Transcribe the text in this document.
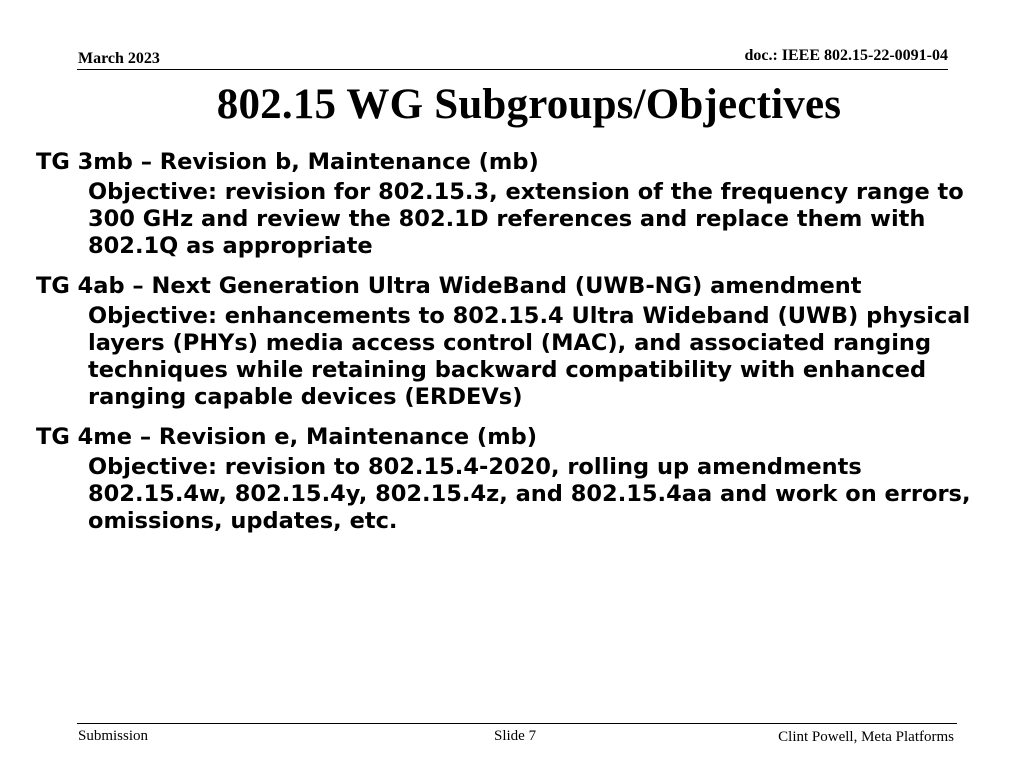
March 2023	doc.: IEEE 802.15-22-0091-04
802.15 WG Subgroups/Objectives
TG 3mb – Revision b, Maintenance (mb)
Objective: revision for 802.15.3, extension of the frequency range to 300 GHz and review the 802.1D references and replace them with 802.1Q as appropriate
TG 4ab – Next Generation Ultra WideBand (UWB-NG) amendment
Objective: enhancements to 802.15.4 Ultra Wideband (UWB) physical layers (PHYs) media access control (MAC), and associated ranging techniques while retaining backward compatibility with enhanced ranging capable devices (ERDEVs)
TG 4me – Revision e, Maintenance (mb)
Objective: revision to 802.15.4-2020, rolling up amendments 802.15.4w, 802.15.4y, 802.15.4z, and 802.15.4aa and work on errors, omissions, updates, etc.
Submission	Slide 7	Clint Powell, Meta Platforms
